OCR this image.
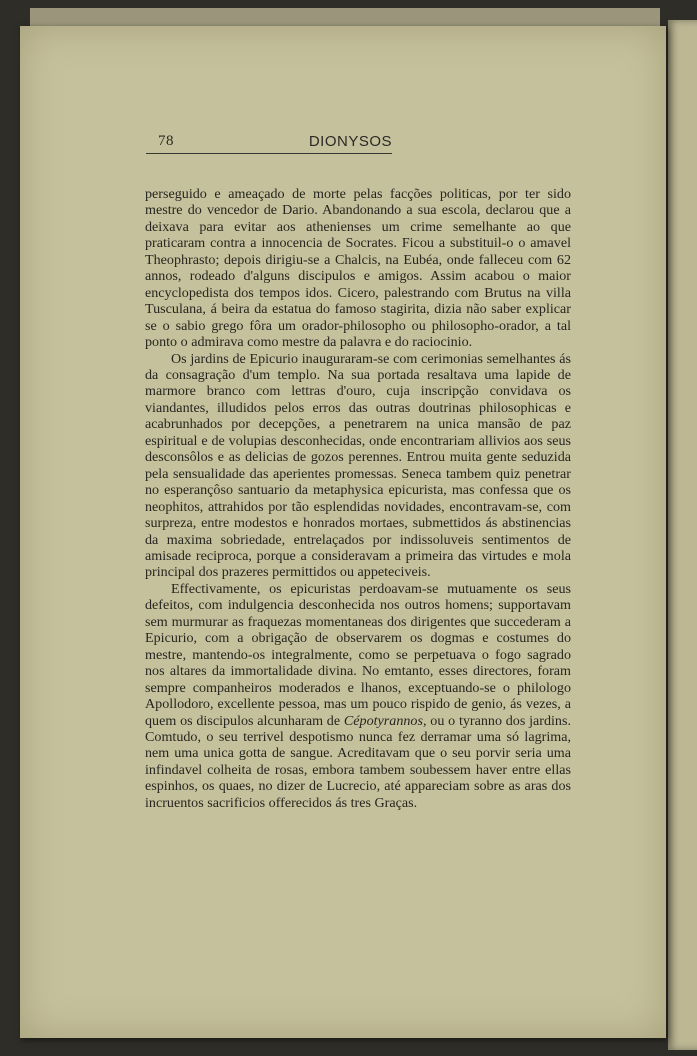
78	DIONYSOS

perseguido e ameaçado de morte pelas facções politicas, por ter sido mestre do vencedor de Dario. Abandonando a sua escola, declarou que a deixava para evitar aos athenienses um crime semelhante ao que praticaram contra a innocencia de Socrates. Ficou a substituil-o o amavel Theophrasto; depois dirigiu-se a Chalcis, na Eubéa, onde falleceu com 62 annos, rodeado d'alguns discipulos e amigos. Assim acabou o maior encyclopedista dos tempos idos. Cicero, palestrando com Brutus na villa Tusculana, á beira da estatua do famoso stagirita, dizia não saber explicar se o sabio grego fôra um orador-philosopho ou philosopho-orador, a tal ponto o admirava como mestre da palavra e do raciocinio.

Os jardins de Epicurio inauguraram-se com cerimonias semelhantes ás da consagração d'um templo. Na sua portada resaltava uma lapide de marmore branco com lettras d'ouro, cuja inscripção convidava os viandantes, illudidos pelos erros das outras doutrinas philosophicas e acabrunhados por decepções, a penetrarem na unica mansão de paz espiritual e de volupias desconhecidas, onde encontrariam allivios aos seus desconsôlos e as delicias de gozos perennes. Entrou muita gente seduzida pela sensualidade das aperientes promessas. Seneca tambem quiz penetrar no esperançôso santuario da metaphysica epicurista, mas confessa que os neophitos, attrahidos por tão esplendidas novidades, encontravam-se, com surpreza, entre modestos e honrados mortaes, submettidos ás abstinencias da maxima sobriedade, entrelaçados por indissoluveis sentimentos de amisade reciproca, porque a consideravam a primeira das virtudes e mola principal dos prazeres permittidos ou appeteciveis.

Effectivamente, os epicuristas perdoavam-se mutuamente os seus defeitos, com indulgencia desconhecida nos outros homens; supportavam sem murmurar as fraquezas momentaneas dos dirigentes que succederam a Epicurio, com a obrigação de observarem os dogmas e costumes do mestre, mantendo-os integralmente, como se perpetuava o fogo sagrado nos altares da immortalidade divina. No emtanto, esses directores, foram sempre companheiros moderados e lhanos, exceptuando-se o philologo Apollodoro, excellente pessoa, mas um pouco rispido de genio, ás vezes, a quem os discipulos alcunharam de Cépotyrannos, ou o tyranno dos jardins. Comtudo, o seu terrivel despotismo nunca fez derramar uma só lagrima, nem uma unica gotta de sangue. Acreditavam que o seu porvir seria uma infindavel colheita de rosas, embora tambem soubessem haver entre ellas espinhos, os quaes, no dizer de Lucrecio, até appareciam sobre as aras dos incruentos sacrificios offerecidos ás tres Graças.
